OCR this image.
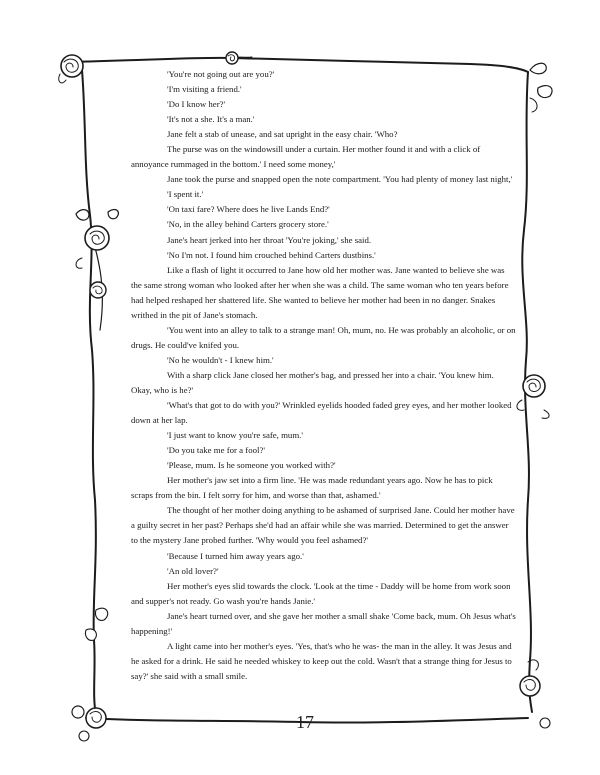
'You're not going out are you?'

'I'm visiting a friend.'

'Do I know her?'

'It's not a she. It's a man.'

Jane felt a stab of unease, and sat upright in the easy chair. 'Who?

The purse was on the windowsill under a curtain. Her mother found it and with a click of annoyance rummaged in the bottom.' I need some money,'

Jane took the purse and snapped open the note compartment. 'You had plenty of money last night,'

'I spent it.'

'On taxi fare? Where does he live Lands End?'

'No, in the alley behind Carters grocery store.'

Jane's heart jerked into her throat 'You're joking,' she said.

'No I'm not. I found him crouched behind Carters dustbins.'

Like a flash of light it occurred to Jane how old her mother was. Jane wanted to believe she was the same strong woman who looked after her when she was a child. The same woman who ten years before had helped reshaped her shattered life. She wanted to believe her mother had been in no danger. Snakes writhed in the pit of Jane's stomach.

'You went into an alley to talk to a strange man! Oh, mum, no. He was probably an alcoholic, or on drugs. He could've knifed you.

'No he wouldn't - I knew him.'

With a sharp click Jane closed her mother's bag, and pressed her into a chair. 'You knew him. Okay, who is he?'

'What's that got to do with you?' Wrinkled eyelids hooded faded grey eyes, and her mother looked down at her lap.

'I just want to know you're safe, mum.'

'Do you take me for a fool?'

'Please, mum. Is he someone you worked with?'

Her mother's jaw set into a firm line. 'He was made redundant years ago. Now he has to pick scraps from the bin. I felt sorry for him, and worse than that, ashamed.'

The thought of her mother doing anything to be ashamed of surprised Jane. Could her mother have a guilty secret in her past? Perhaps she'd had an affair while she was married. Determined to get the answer to the mystery Jane probed further. 'Why would you feel ashamed?'

'Because I turned him away years ago.'

'An old lover?'

Her mother's eyes slid towards the clock. 'Look at the time - Daddy will be home from work soon and supper's not ready. Go wash you're hands Janie.'

Jane's heart turned over, and she gave her mother a small shake 'Come back, mum. Oh Jesus what's happening!'

A light came into her mother's eyes. 'Yes, that's who he was- the man in the alley. It was Jesus and he asked for a drink. He said he needed whiskey to keep out the cold. Wasn't that a strange thing for Jesus to say?' she said with a small smile.

17
